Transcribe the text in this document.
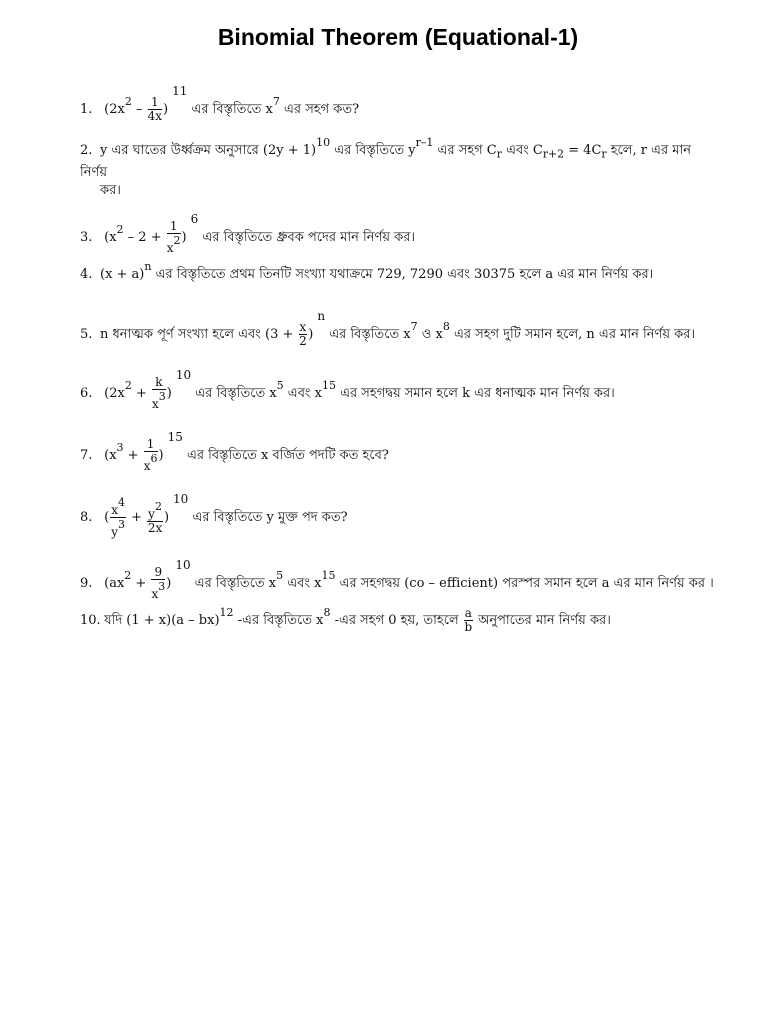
Binomial Theorem (Equational-1)
1. $(2x^2 - \frac{1}{4x} )11$ এর বিস্তৃতিতে $x^7$ এর সহগ কত?
2. y এর ঘাতের উর্ধ্বক্রম অনুসারে $(2y + 1)^{10}$ এর বিস্তৃতিতে $y^{r-1}$ এর সহগ $C_r$ এবং $C_{r+2} = 4C_r$ হলে, r এর মান নির্ণয়
কর।
3. $(x^2 - 2 + \frac{1}{x2} )6$ এর বিস্তৃতিতে ধ্রুবক পদের মান নির্ণয় কর।
4. $(x + a)^n$ এর বিস্তৃতিতে প্রথম তিনটি সংখ্যা যথাক্রমে 729, 7290 এবং 30375 হলে a এর মান নির্ণয় কর।
5. n ধনাত্মক পূর্ণ সংখ্যা হলে এবং $(3 + \frac{x}{2} )n$ এর বিস্তৃতিতে $x^7$ ও $x^8$ এর সহগ দুটি সমান হলে, n এর মান নির্ণয় কর।
6. $(2x^2 + \frac{k}{x3} )10$ এর বিস্তৃতিতে $x^5$ এবং $x^{15}$ এর সহগদ্বয় সমান হলে k এর ধনাত্মক মান নির্ণয় কর।
7. $(x^3 + \frac{1}{x6} )15$ এর বিস্তৃতিতে x বর্জিত পদটি কত হবে?
8. ( $\frac{x4}{y3} + \frac{y2}{2x} )10$ এর বিস্তৃতিতে y মুক্ত পদ কত?
9. $(ax^2 + \frac{9}{x3} )10$ এর বিস্তৃতিতে $x^5$ এবং $x^{15}$ এর সহগদ্বয় (co – efficient) পরস্পর সমান হলে a এর মান নির্ণয় কর ।
10. যদি (1 + x)(a – bx)$^{12}$ -এর বিস্তৃতিতে $x^8$ -এর সহগ 0 হয়, তাহলে $\frac{a}{b}$ অনুপাতের মান নির্ণয় কর।
